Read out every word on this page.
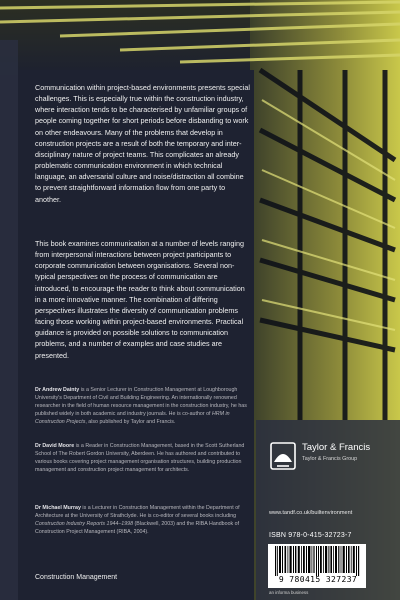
Communication within project-based environments presents special challenges. This is especially true within the construction industry, where interaction tends to be characterised by unfamiliar groups of people coming together for short periods before disbanding to work on other endeavours. Many of the problems that develop in construction projects are a result of both the temporary and inter-disciplinary nature of project teams. This complicates an already problematic communication environment in which technical language, an adversarial culture and noise/distraction all combine to prevent straightforward information flow from one party to another.

This book examines communication at a number of levels ranging from interpersonal interactions between project participants to corporate communication between organisations. Several non-typical perspectives on the process of communication are introduced, to encourage the reader to think about communication in a more innovative manner. The combination of differing perspectives illustrates the diversity of communication problems facing those working within project-based environments. Practical guidance is provided on possible solutions to communication problems, and a number of examples and case studies are presented.

Dr Andrew Dainty is a Senior Lecturer in Construction Management at Loughborough University's Department of Civil and Building Engineering. An internationally renowned researcher in the field of human resource management in the construction industry, he has published widely in both academic and industry journals. He is co-author of HRM in Construction Projects, also published by Taylor and Francis.

Dr David Moore is a Reader in Construction Management, based in the Scott Sutherland School of The Robert Gordon University, Aberdeen. He has authored and contributed to various books covering project management organisation structures, building production management and construction project management for architects.

Dr Michael Murray is a Lecturer in Construction Management within the Department of Architecture at the University of Strathclyde. He is co-editor of several books including Construction Industry Reports 1944–1998 (Blackwell, 2003) and the RIBA Handbook of Construction Project Management (RIBA, 2004).

Construction Management

Taylor & Francis
Taylor & Francis Group
www.tandf.co.uk/builtenvironment
ISBN 978-0-415-32723-7
9 780415 327237
an informa business
